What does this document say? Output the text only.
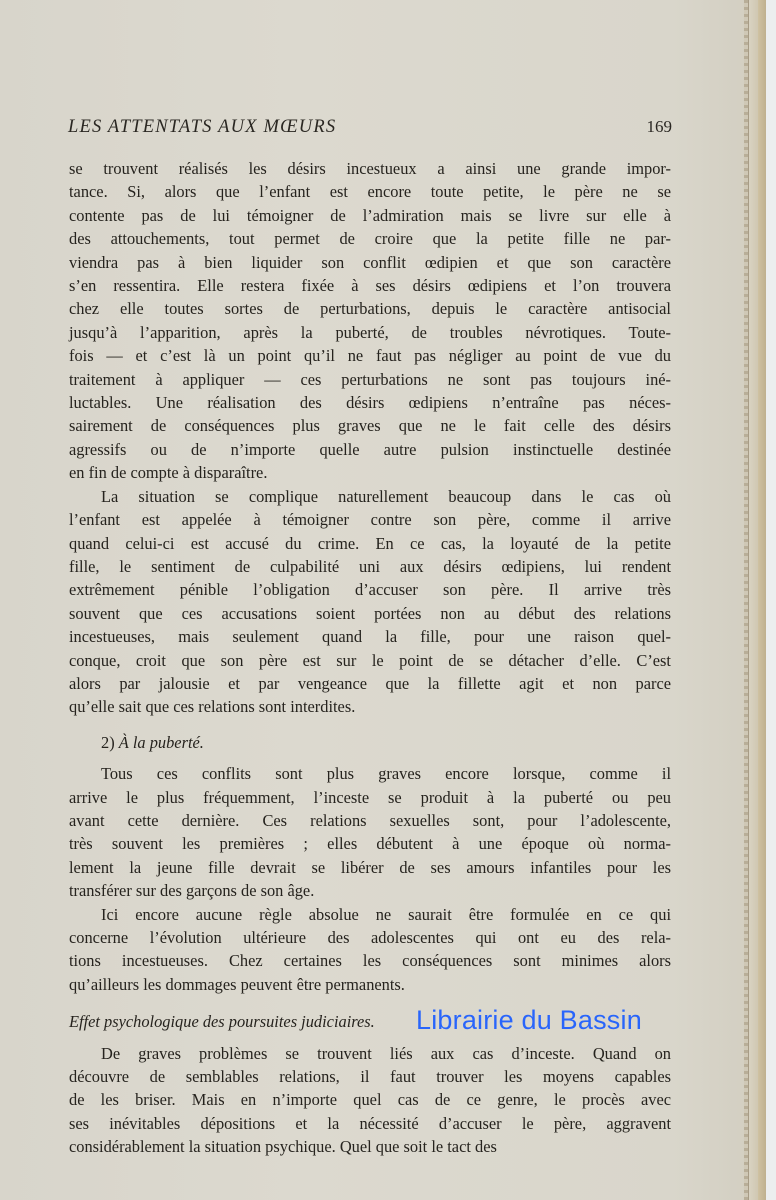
LES ATTENTATS AUX MŒURS	169
se trouvent réalisés les désirs incestueux a ainsi une grande impor-
tance. Si, alors que l’enfant est encore toute petite, le père ne se
contente pas de lui témoigner de l’admiration mais se livre sur elle à
des attouchements, tout permet de croire que la petite fille ne par-
viendra pas à bien liquider son conflit œdipien et que son caractère
s’en ressentira. Elle restera fixée à ses désirs œdipiens et l’on trouvera
chez elle toutes sortes de perturbations, depuis le caractère antisocial
jusqu’à l’apparition, après la puberté, de troubles névrotiques. Toute-
fois — et c’est là un point qu’il ne faut pas négliger au point de vue du
traitement à appliquer — ces perturbations ne sont pas toujours iné-
luctables. Une réalisation des désirs œdipiens n’entraîne pas néces-
sairement de conséquences plus graves que ne le fait celle des désirs
agressifs ou de n’importe quelle autre pulsion instinctuelle destinée
en fin de compte à disparaître.
La situation se complique naturellement beaucoup dans le cas où
l’enfant est appelée à témoigner contre son père, comme il arrive
quand celui-ci est accusé du crime. En ce cas, la loyauté de la petite
fille, le sentiment de culpabilité uni aux désirs œdipiens, lui rendent
extrêmement pénible l’obligation d’accuser son père. Il arrive très
souvent que ces accusations soient portées non au début des relations
incestueuses, mais seulement quand la fille, pour une raison quel-
conque, croit que son père est sur le point de se détacher d’elle. C’est
alors par jalousie et par vengeance que la fillette agit et non parce
qu’elle sait que ces relations sont interdites.
2) À la puberté.
Tous ces conflits sont plus graves encore lorsque, comme il
arrive le plus fréquemment, l’inceste se produit à la puberté ou peu
avant cette dernière. Ces relations sexuelles sont, pour l’adolescente,
très souvent les premières ; elles débutent à une époque où norma-
lement la jeune fille devrait se libérer de ses amours infantiles pour les
transférer sur des garçons de son âge.
Ici encore aucune règle absolue ne saurait être formulée en ce qui
concerne l’évolution ultérieure des adolescentes qui ont eu des rela-
tions incestueuses. Chez certaines les conséquences sont minimes alors
qu’ailleurs les dommages peuvent être permanents.
Effet psychologique des poursuites judiciaires.
De graves problèmes se trouvent liés aux cas d’inceste. Quand on
découvre de semblables relations, il faut trouver les moyens capables
de les briser. Mais en n’importe quel cas de ce genre, le procès avec
ses inévitables dépositions et la nécessité d’accuser le père, aggravent
considérablement la situation psychique. Quel que soit le tact des
Librairie du Bassin
